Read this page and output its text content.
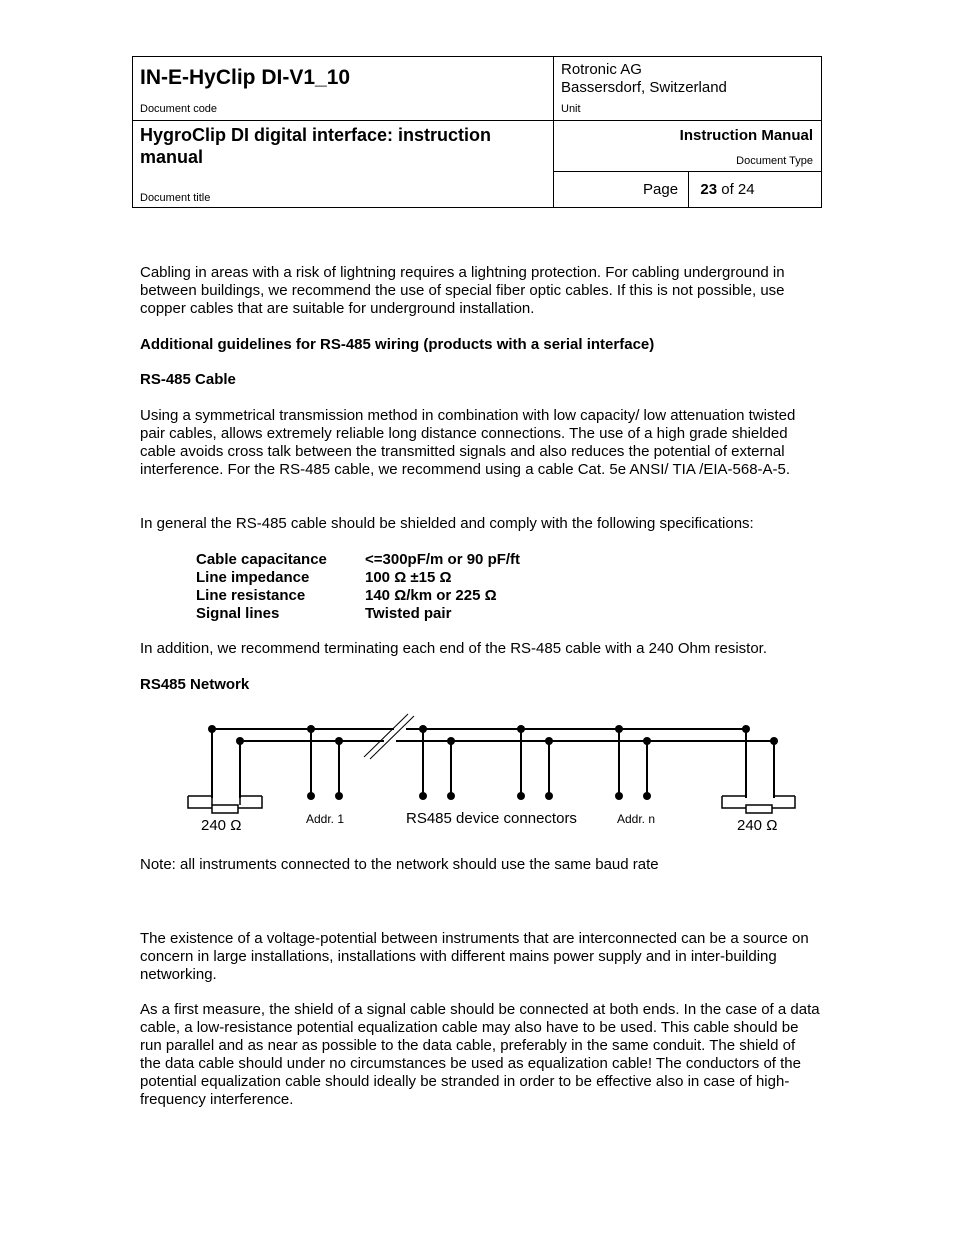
IN-E-HyClip DI-V1_10
Document code
Rotronic AG
Bassersdorf, Switzerland
Unit
HygroClip DI digital interface: instruction manual
Document title
Instruction Manual
Document Type
Page 23 of 24

Cabling in areas with a risk of lightning requires a lightning protection. For cabling underground in between buildings, we recommend the use of special fiber optic cables. If this is not possible, use copper cables that are suitable for underground installation.

Additional guidelines for RS-485 wiring (products with a serial interface)

RS-485 Cable

Using a symmetrical transmission method in combination with low capacity/ low attenuation twisted pair cables, allows extremely reliable long distance connections. The use of a high grade shielded cable avoids cross talk between the transmitted signals and also reduces the potential of external interference. For the RS-485 cable, we recommend using a cable Cat. 5e ANSI/ TIA /EIA-568-A-5.

In general the RS-485 cable should be shielded and comply with the following specifications:

Cable capacitance	<=300pF/m or 90 pF/ft
Line impedance	100 Ω ±15 Ω
Line resistance	140 Ω/km or 225 Ω
Signal lines	Twisted pair

In addition, we recommend terminating each end of the RS-485 cable with a 240 Ohm resistor.

RS485 Network

240 Ω	Addr. 1	RS485 device connectors	Addr. n	240 Ω

Note: all instruments connected to the network should use the same baud rate

The existence of a voltage-potential between instruments that are interconnected can be a source on concern in large installations, installations with different mains power supply and in inter-building networking.

As a first measure, the shield of a signal cable should be connected at both ends. In the case of a data cable, a low-resistance potential equalization cable may also have to be used. This cable should be run parallel and as near as possible to the data cable, preferably in the same conduit. The shield of the data cable should under no circumstances be used as equalization cable! The conductors of the potential equalization cable should ideally be stranded in order to be effective also in case of high- frequency interference.
